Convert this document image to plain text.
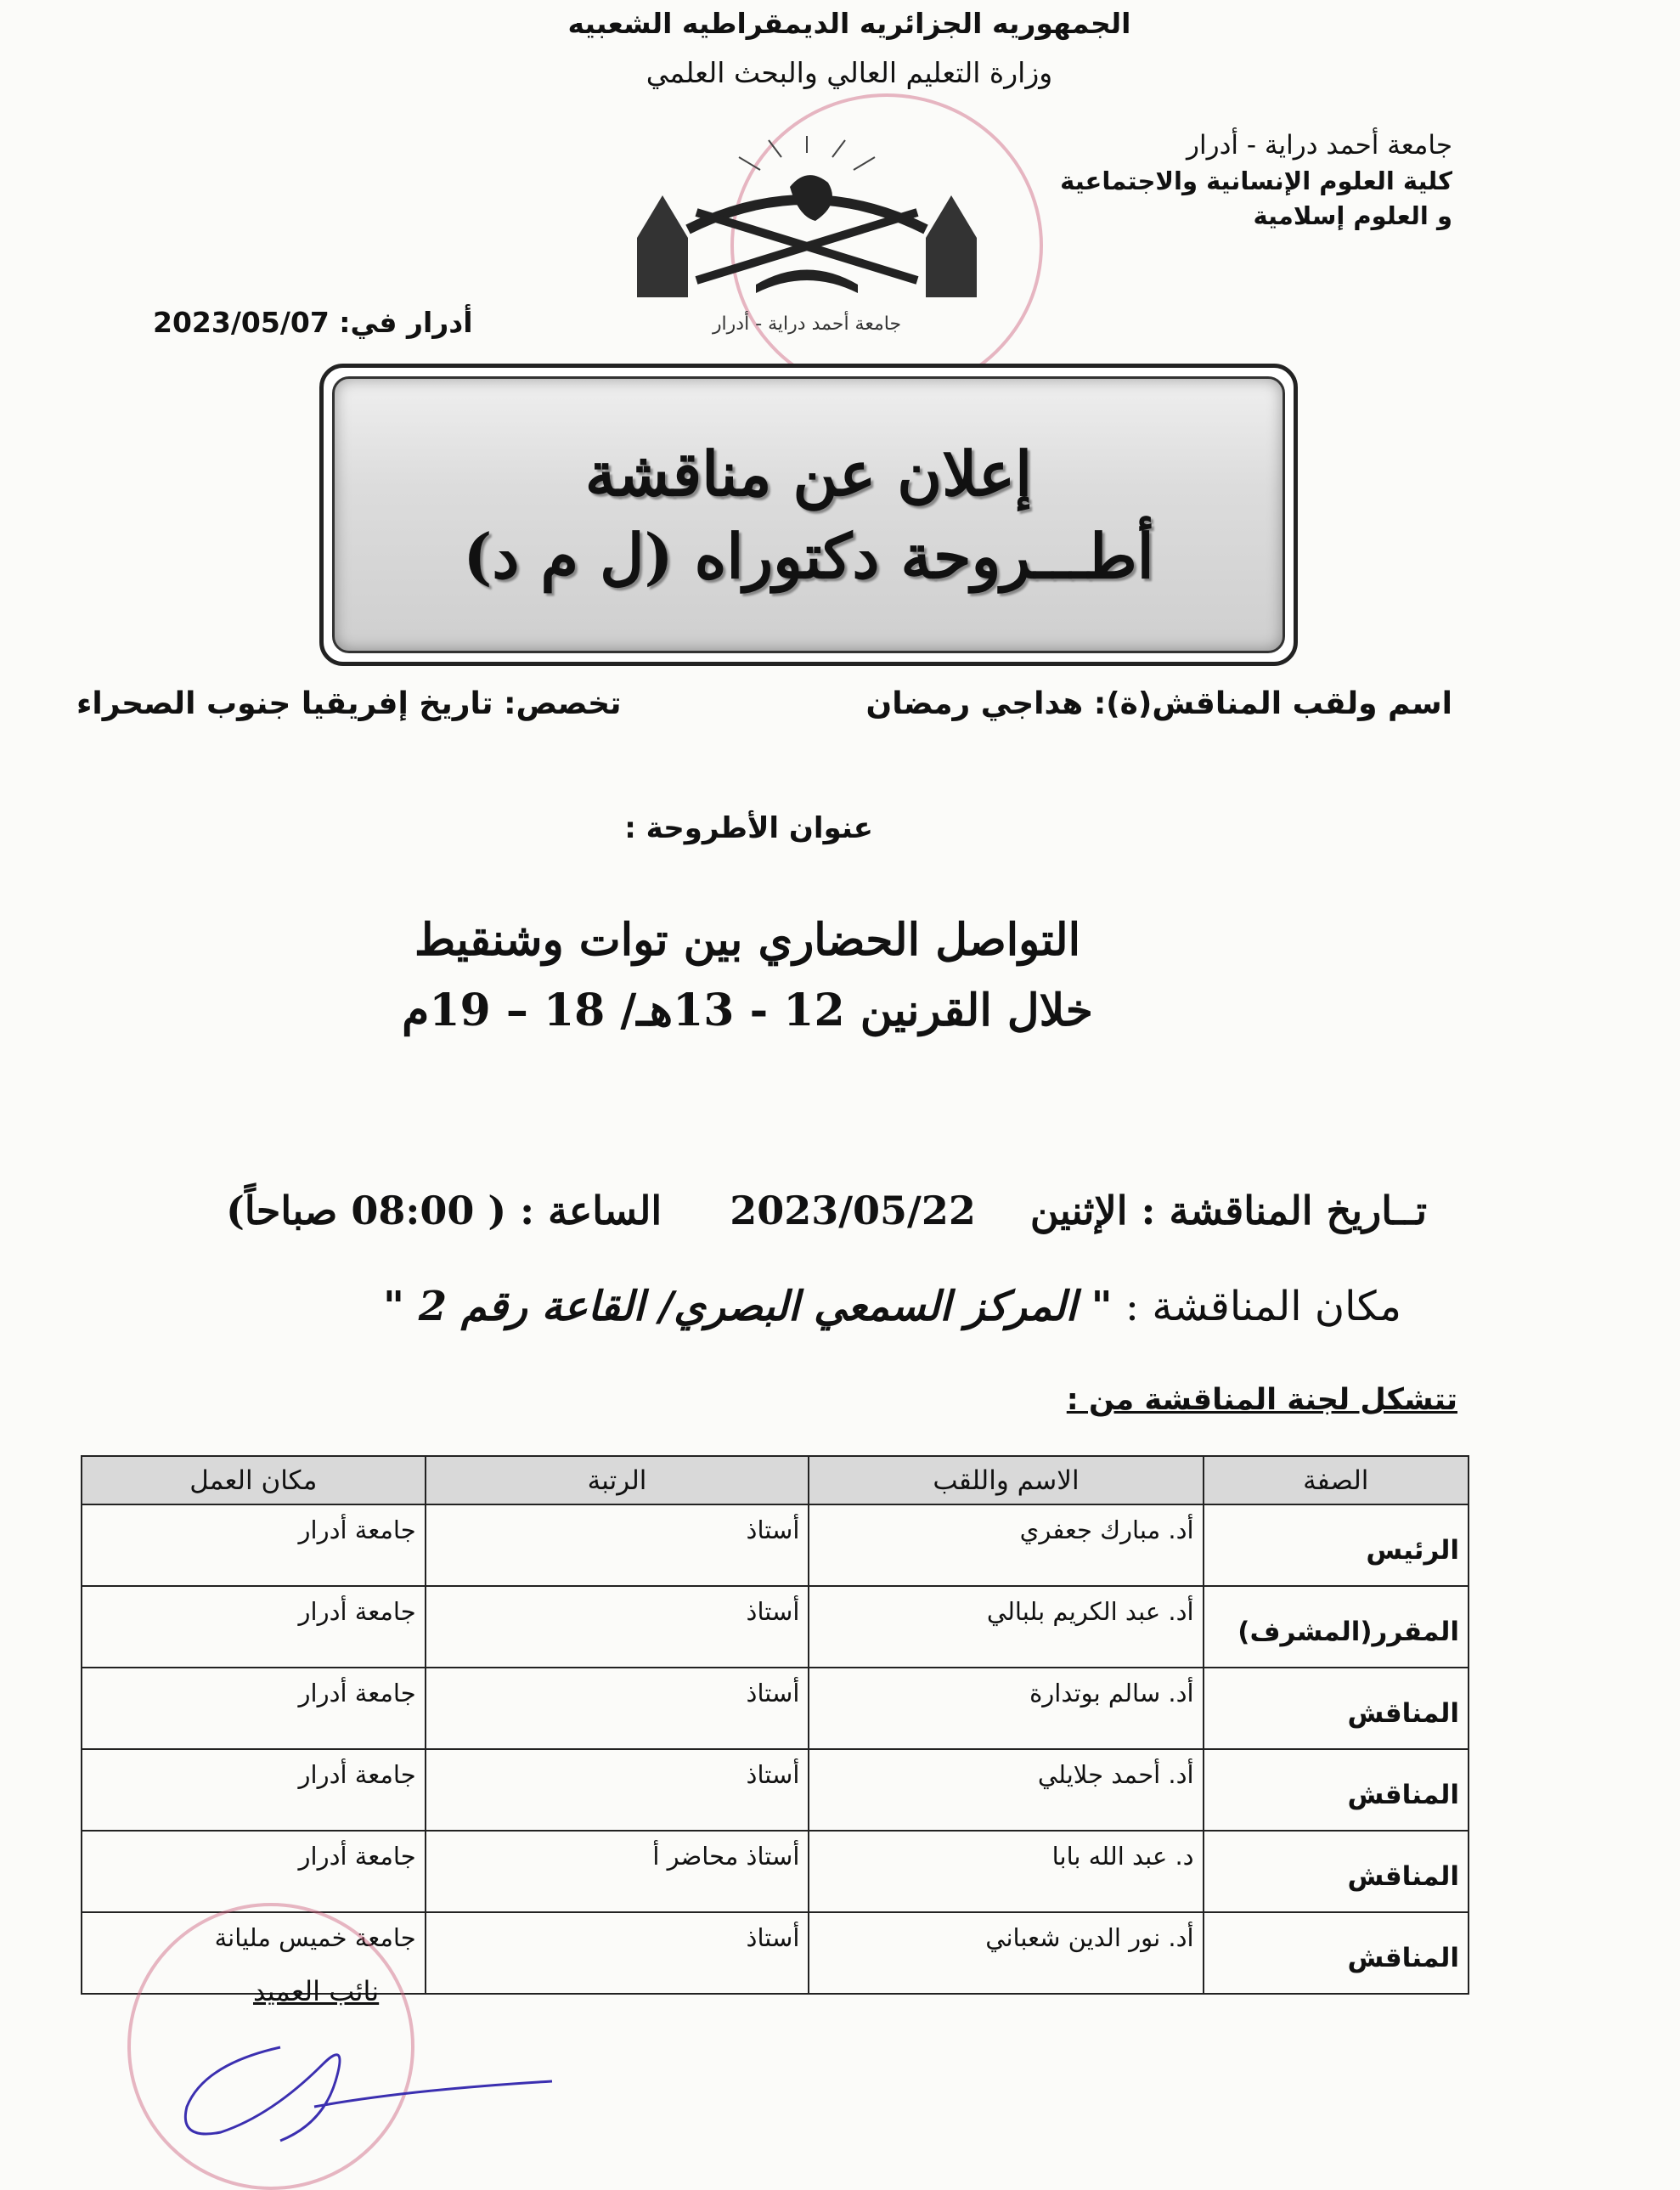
الجمهوريه الجزائريه الديمقراطيه الشعبيه
وزارة التعليم العالي والبحث العلمي
جامعة أحمد دراية - أدرار
كلية العلوم الإنسانية والاجتماعية
و العلوم إسلامية
جامعة أحمد دراية - أدرار
أدرار في: 2023/05/07
إعلان عن مناقشة
أطـــروحة دكتوراه (ل م د)
اسم ولقب المناقش(ة): هداجي رمضان
تخصص: تاريخ إفريقيا جنوب الصحراء
عنوان الأطروحة :
التواصل الحضاري بين توات وشنقيط
خلال القرنين 12 - 13هـ/ 18 – 19م
تــاريخ المناقشة : الإثنين    2023/05/22     الساعة : ( 08:00 صباحاً)
مكان المناقشة : " المركز السمعي البصري/ القاعة رقم 2 "
تتشكل لجنة المناقشة من :
الصفة	الاسم واللقب	الرتبة	مكان العمل
الرئيس	أد. مبارك جعفري	أستاذ	جامعة أدرار
المقرر(المشرف)	أد. عبد الكريم بلبالي	أستاذ	جامعة أدرار
المناقش	أد. سالم بوتدارة	أستاذ	جامعة أدرار
المناقش	أد. أحمد جلايلي	أستاذ	جامعة أدرار
المناقش	د. عبد الله بابا	أستاذ محاضر أ	جامعة أدرار
المناقش	أد. نور الدين شعباني	أستاذ	جامعة خميس مليانة
نائب العميد
